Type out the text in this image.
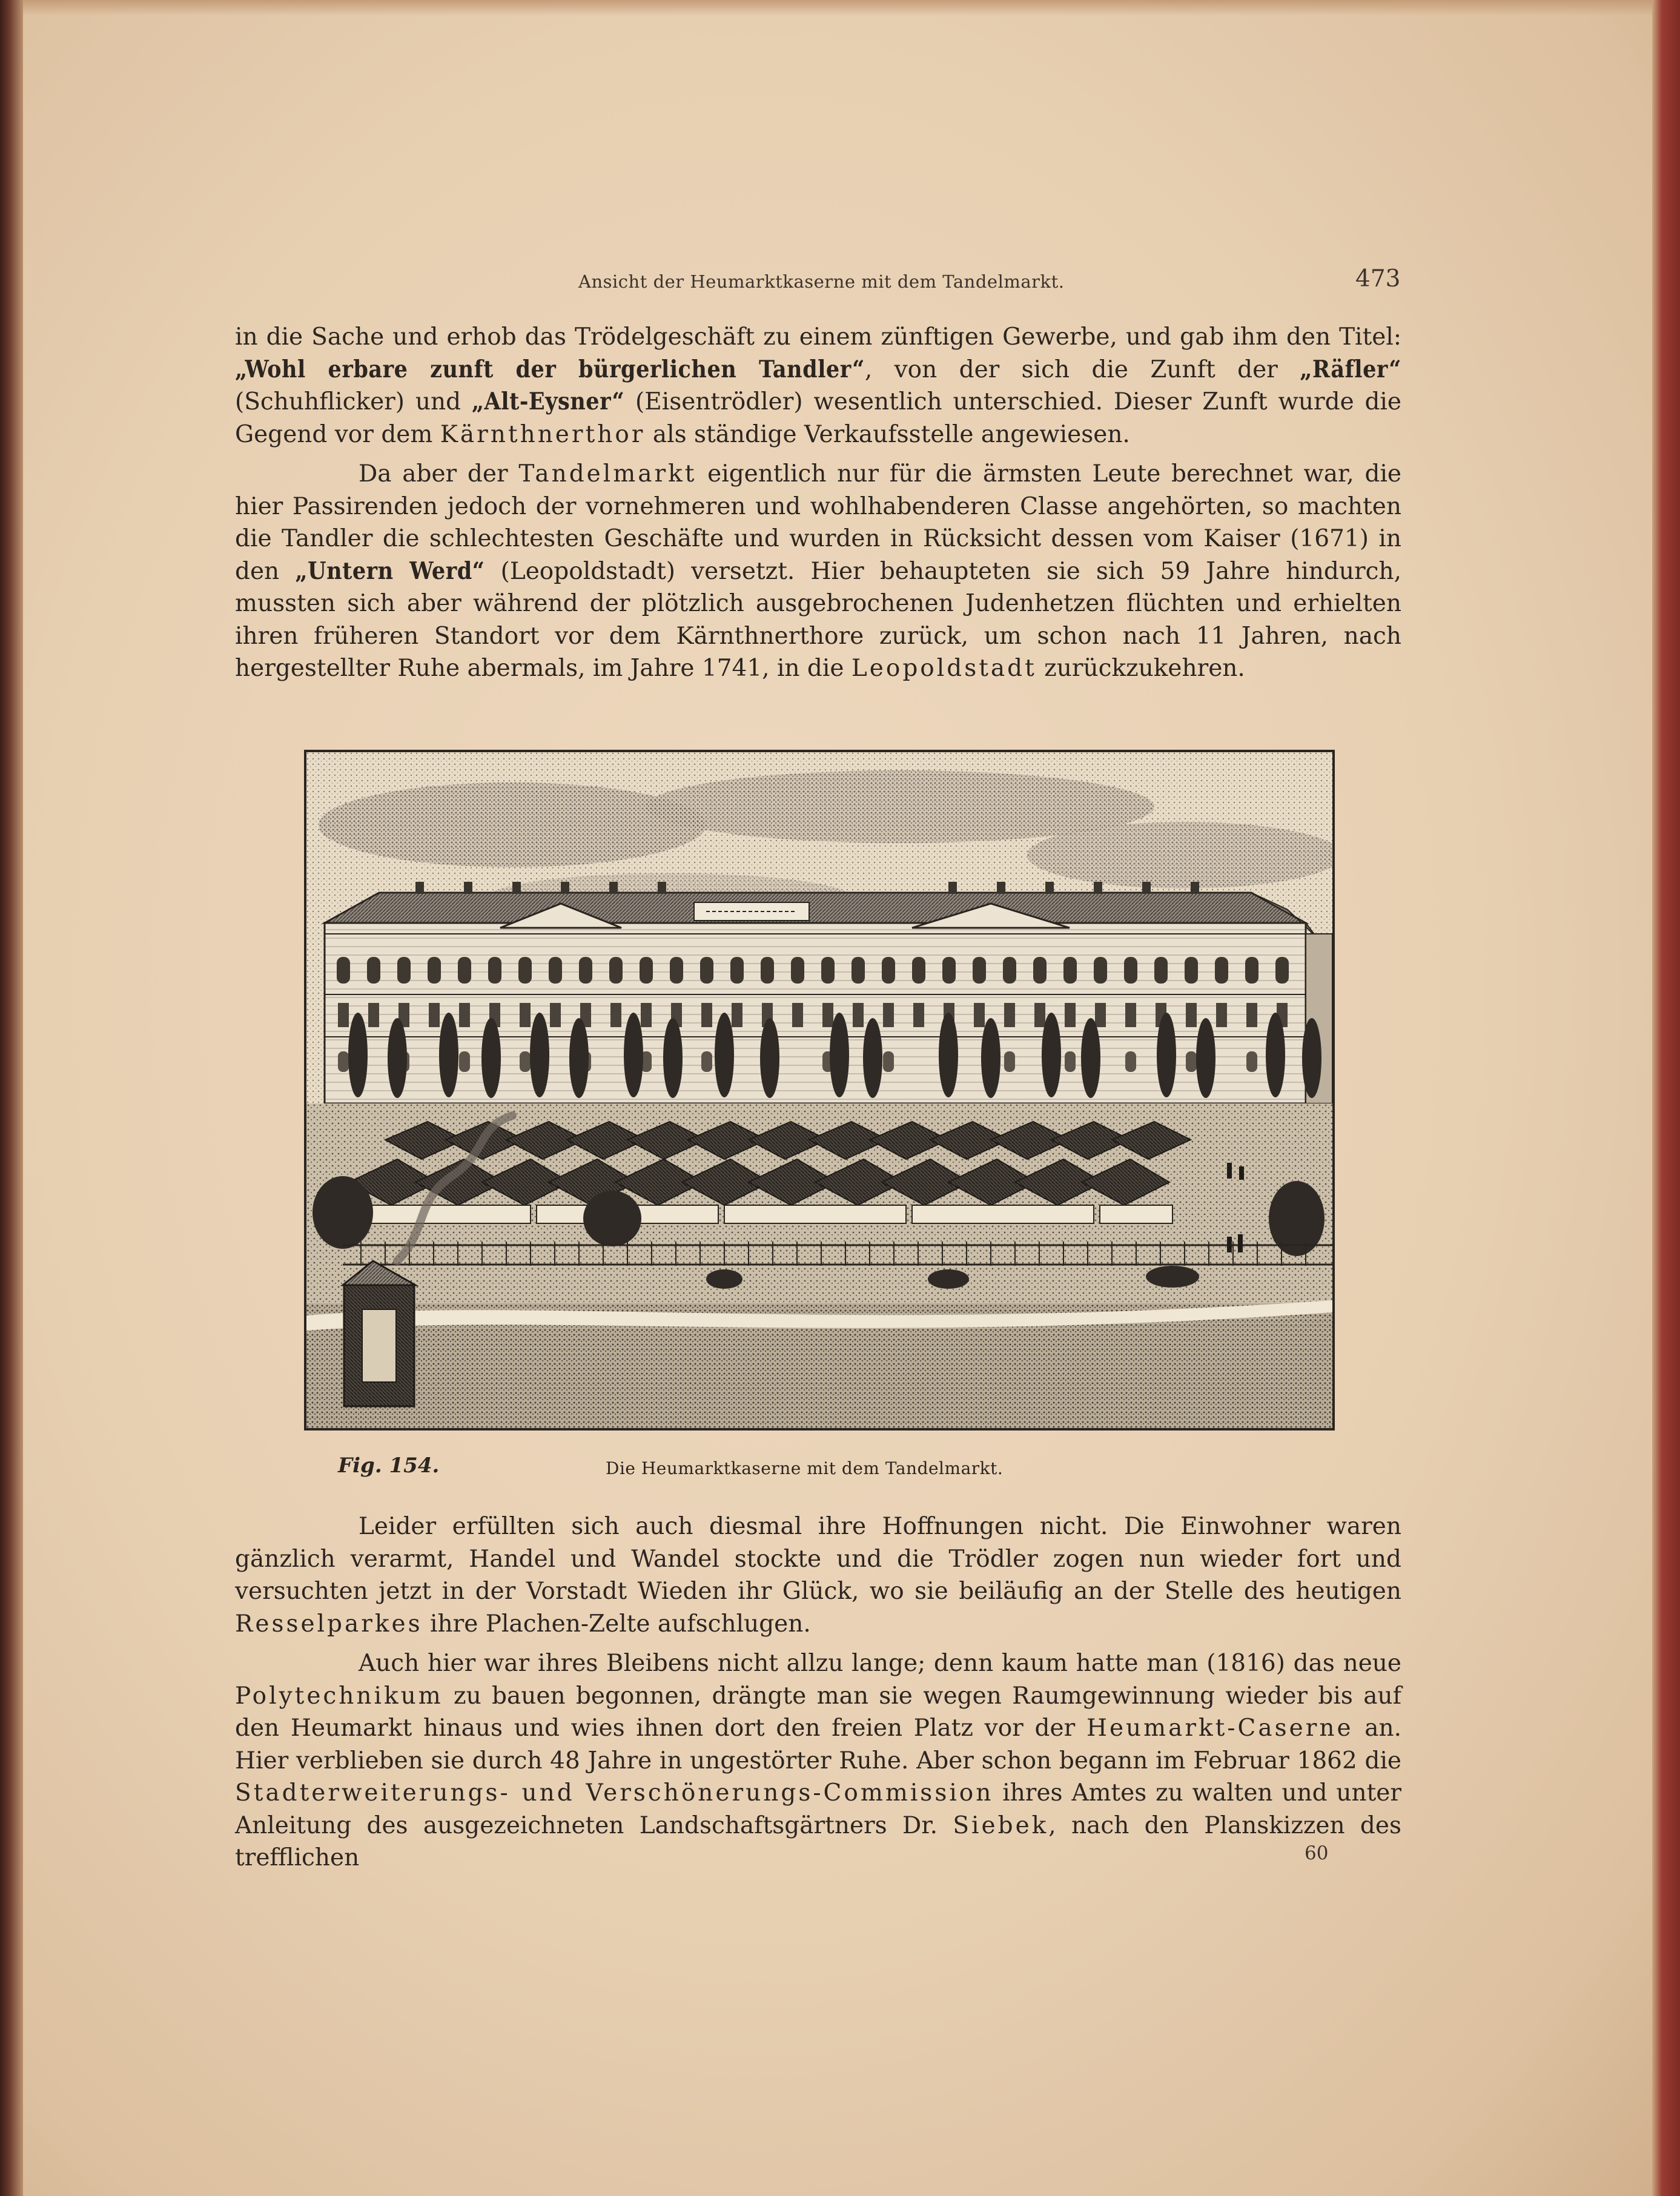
Ansicht der Heumarktkaserne mit dem Tandelmarkt.	473

in die Sache und erhob das Trödelgeschäft zu einem zünftigen Gewerbe, und gab ihm den Titel: „Wohl erbare zunft der bürgerlichen Tandler“, von der sich die Zunft der „Räfler“ (Schuhflicker) und „Alt-Eysner“ (Eisentrödler) wesentlich unterschied. Dieser Zunft wurde die Gegend vor dem Kärnthnerthor als ständige Verkaufsstelle angewiesen.

Da aber der Tandelmarkt eigentlich nur für die ärmsten Leute berechnet war, die hier Passirenden jedoch der vornehmeren und wohlhabenderen Classe angehörten, so machten die Tandler die schlechtesten Geschäfte und wurden in Rücksicht dessen vom Kaiser (1671) in den „Untern Werd“ (Leopoldstadt) versetzt. Hier behaupteten sie sich 59 Jahre hindurch, mussten sich aber während der plötzlich ausgebrochenen Judenhetzen flüchten und erhielten ihren früheren Standort vor dem Kärnthnerthore zurück, um schon nach 11 Jahren, nach hergestellter Ruhe abermals, im Jahre 1741, in die Leopoldstadt zurückzukehren.

Fig. 154.	Die Heumarktkaserne mit dem Tandelmarkt.

Leider erfüllten sich auch diesmal ihre Hoffnungen nicht. Die Einwohner waren gänzlich verarmt, Handel und Wandel stockte und die Trödler zogen nun wieder fort und versuchten jetzt in der Vorstadt Wieden ihr Glück, wo sie beiläufig an der Stelle des heutigen Resselparkes ihre Plachen-Zelte aufschlugen.

Auch hier war ihres Bleibens nicht allzu lange; denn kaum hatte man (1816) das neue Polytechnikum zu bauen begonnen, drängte man sie wegen Raumgewinnung wieder bis auf den Heumarkt hinaus und wies ihnen dort den freien Platz vor der Heumarkt-Caserne an. Hier verblieben sie durch 48 Jahre in ungestörter Ruhe. Aber schon begann im Februar 1862 die Stadterweiterungs- und Verschönerungs-Commission ihres Amtes zu walten und unter Anleitung des ausgezeichneten Landschaftsgärtners Dr. Siebek, nach den Planskizzen des trefflichen	60
